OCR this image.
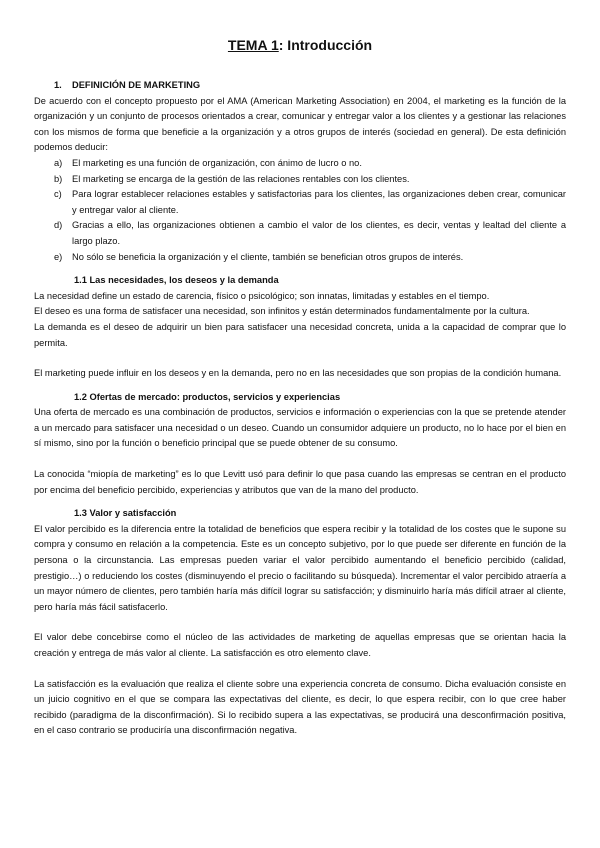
TEMA 1: Introducción
1. DEFINICIÓN DE MARKETING

De acuerdo con el concepto propuesto por el AMA (American Marketing Association) en 2004, el marketing es la función de la organización y un conjunto de procesos orientados a crear, comunicar y entregar valor a los clientes y a gestionar las relaciones con los mismos de forma que beneficie a la organización y a otros grupos de interés (sociedad en general). De esta definición podemos deducir:

a) El marketing es una función de organización, con ánimo de lucro o no.
b) El marketing se encarga de la gestión de las relaciones rentables con los clientes.
c) Para lograr establecer relaciones estables y satisfactorias para los clientes, las organizaciones deben crear, comunicar y entregar valor al cliente.
d) Gracias a ello, las organizaciones obtienen a cambio el valor de los clientes, es decir, ventas y lealtad del cliente a largo plazo.
e) No sólo se beneficia la organización y el cliente, también se benefician otros grupos de interés.
1.1 Las necesidades, los deseos y la demanda

La necesidad define un estado de carencia, físico o psicológico; son innatas, limitadas y estables en el tiempo.

El deseo es una forma de satisfacer una necesidad, son infinitos y están determinados fundamentalmente por la cultura.

La demanda es el deseo de adquirir un bien para satisfacer una necesidad concreta, unida a la capacidad de comprar que lo permita.

El marketing puede influir en los deseos y en la demanda, pero no en las necesidades que son propias de la condición humana.

1.2 Ofertas de mercado: productos, servicios y experiencias

Una oferta de mercado es una combinación de productos, servicios e información o experiencias con la que se pretende atender a un mercado para satisfacer una necesidad o un deseo. Cuando un consumidor adquiere un producto, no lo hace por el bien en sí mismo, sino por la función o beneficio principal que se puede obtener de su consumo.

La conocida “miopía de marketing” es lo que Levitt usó para definir lo que pasa cuando las empresas se centran en el producto por encima del beneficio percibido, experiencias y atributos que van de la mano del producto.

1.3 Valor y satisfacción

El valor percibido es la diferencia entre la totalidad de beneficios que espera recibir y la totalidad de los costes que le supone su compra y consumo en relación a la competencia. Este es un concepto subjetivo, por lo que puede ser diferente en función de la persona o la circunstancia. Las empresas pueden variar el valor percibido aumentando el beneficio percibido (calidad, prestigio…) o reduciendo los costes (disminuyendo el precio o facilitando su búsqueda). Incrementar el valor percibido atraería a un mayor número de clientes, pero también haría más difícil lograr su satisfacción; y disminuirlo haría más difícil atraer al cliente, pero haría más fácil satisfacerlo.

El valor debe concebirse como el núcleo de las actividades de marketing de aquellas empresas que se orientan hacia la creación y entrega de más valor al cliente. La satisfacción es otro elemento clave.

La satisfacción es la evaluación que realiza el cliente sobre una experiencia concreta de consumo. Dicha evaluación consiste en un juicio cognitivo en el que se compara las expectativas del cliente, es decir, lo que espera recibir, con lo que cree haber recibido (paradigma de la disconfirmación). Si lo recibido supera a las expectativas, se producirá una desconfirmación positiva, en el caso contrario se produciría una disconfirmación negativa.
